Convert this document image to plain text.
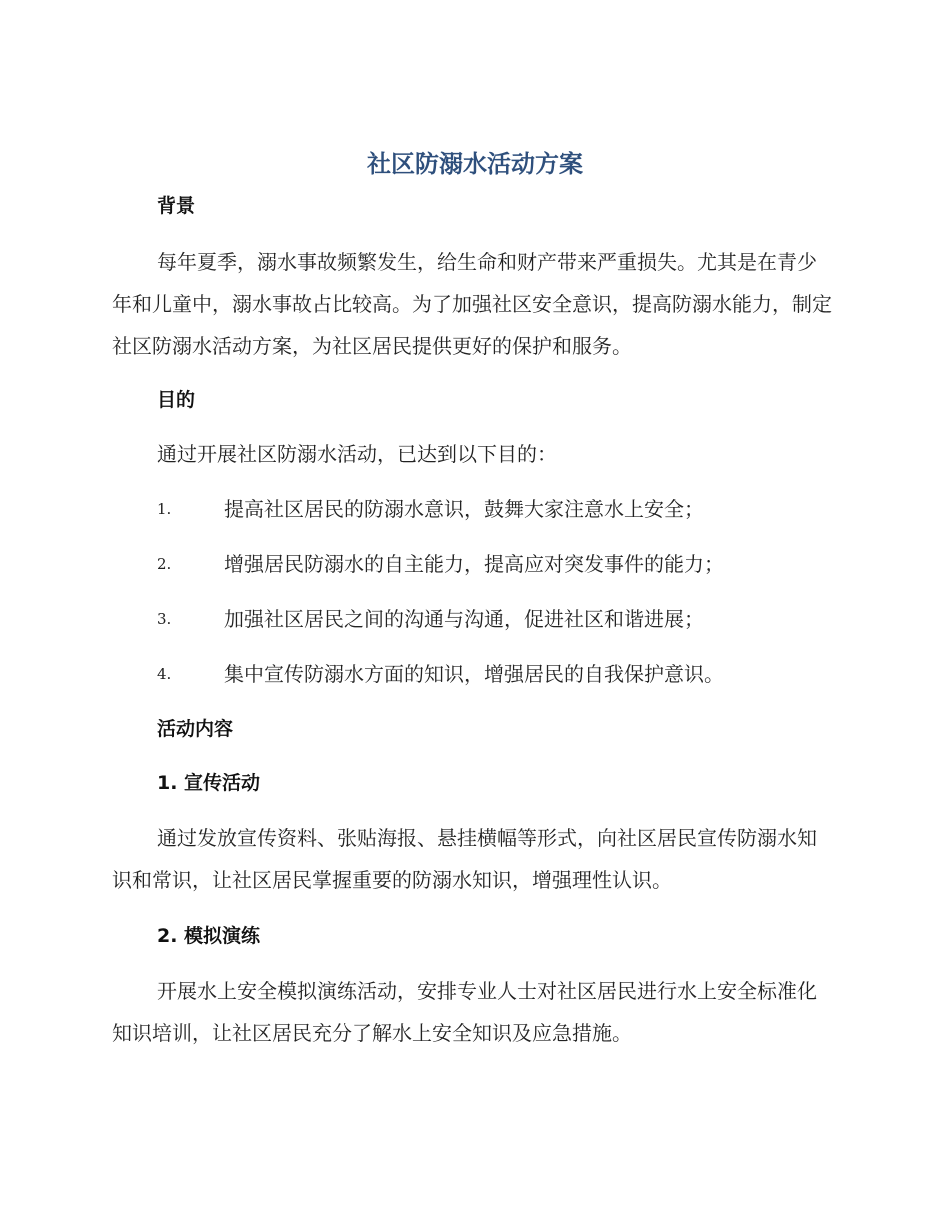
社区防溺水活动方案
背景

每年夏季，溺水事故频繁发生，给生命和财产带来严重损失。尤其是在青少年和儿童中，溺水事故占比较高。为了加强社区安全意识，提高防溺水能力，制定社区防溺水活动方案，为社区居民提供更好的保护和服务。

目的

通过开展社区防溺水活动，已达到以下目的：

1.	提高社区居民的防溺水意识，鼓舞大家注意水上安全；
2.	增强居民防溺水的自主能力，提高应对突发事件的能力；
3.	加强社区居民之间的沟通与沟通，促进社区和谐进展；
4.	集中宣传防溺水方面的知识，增强居民的自我保护意识。
活动内容
1. 宣传活动

通过发放宣传资料、张贴海报、悬挂横幅等形式，向社区居民宣传防溺水知识和常识，让社区居民掌握重要的防溺水知识，增强理性认识。

2. 模拟演练

开展水上安全模拟演练活动，安排专业人士对社区居民进行水上安全标准化知识培训，让社区居民充分了解水上安全知识及应急措施。
